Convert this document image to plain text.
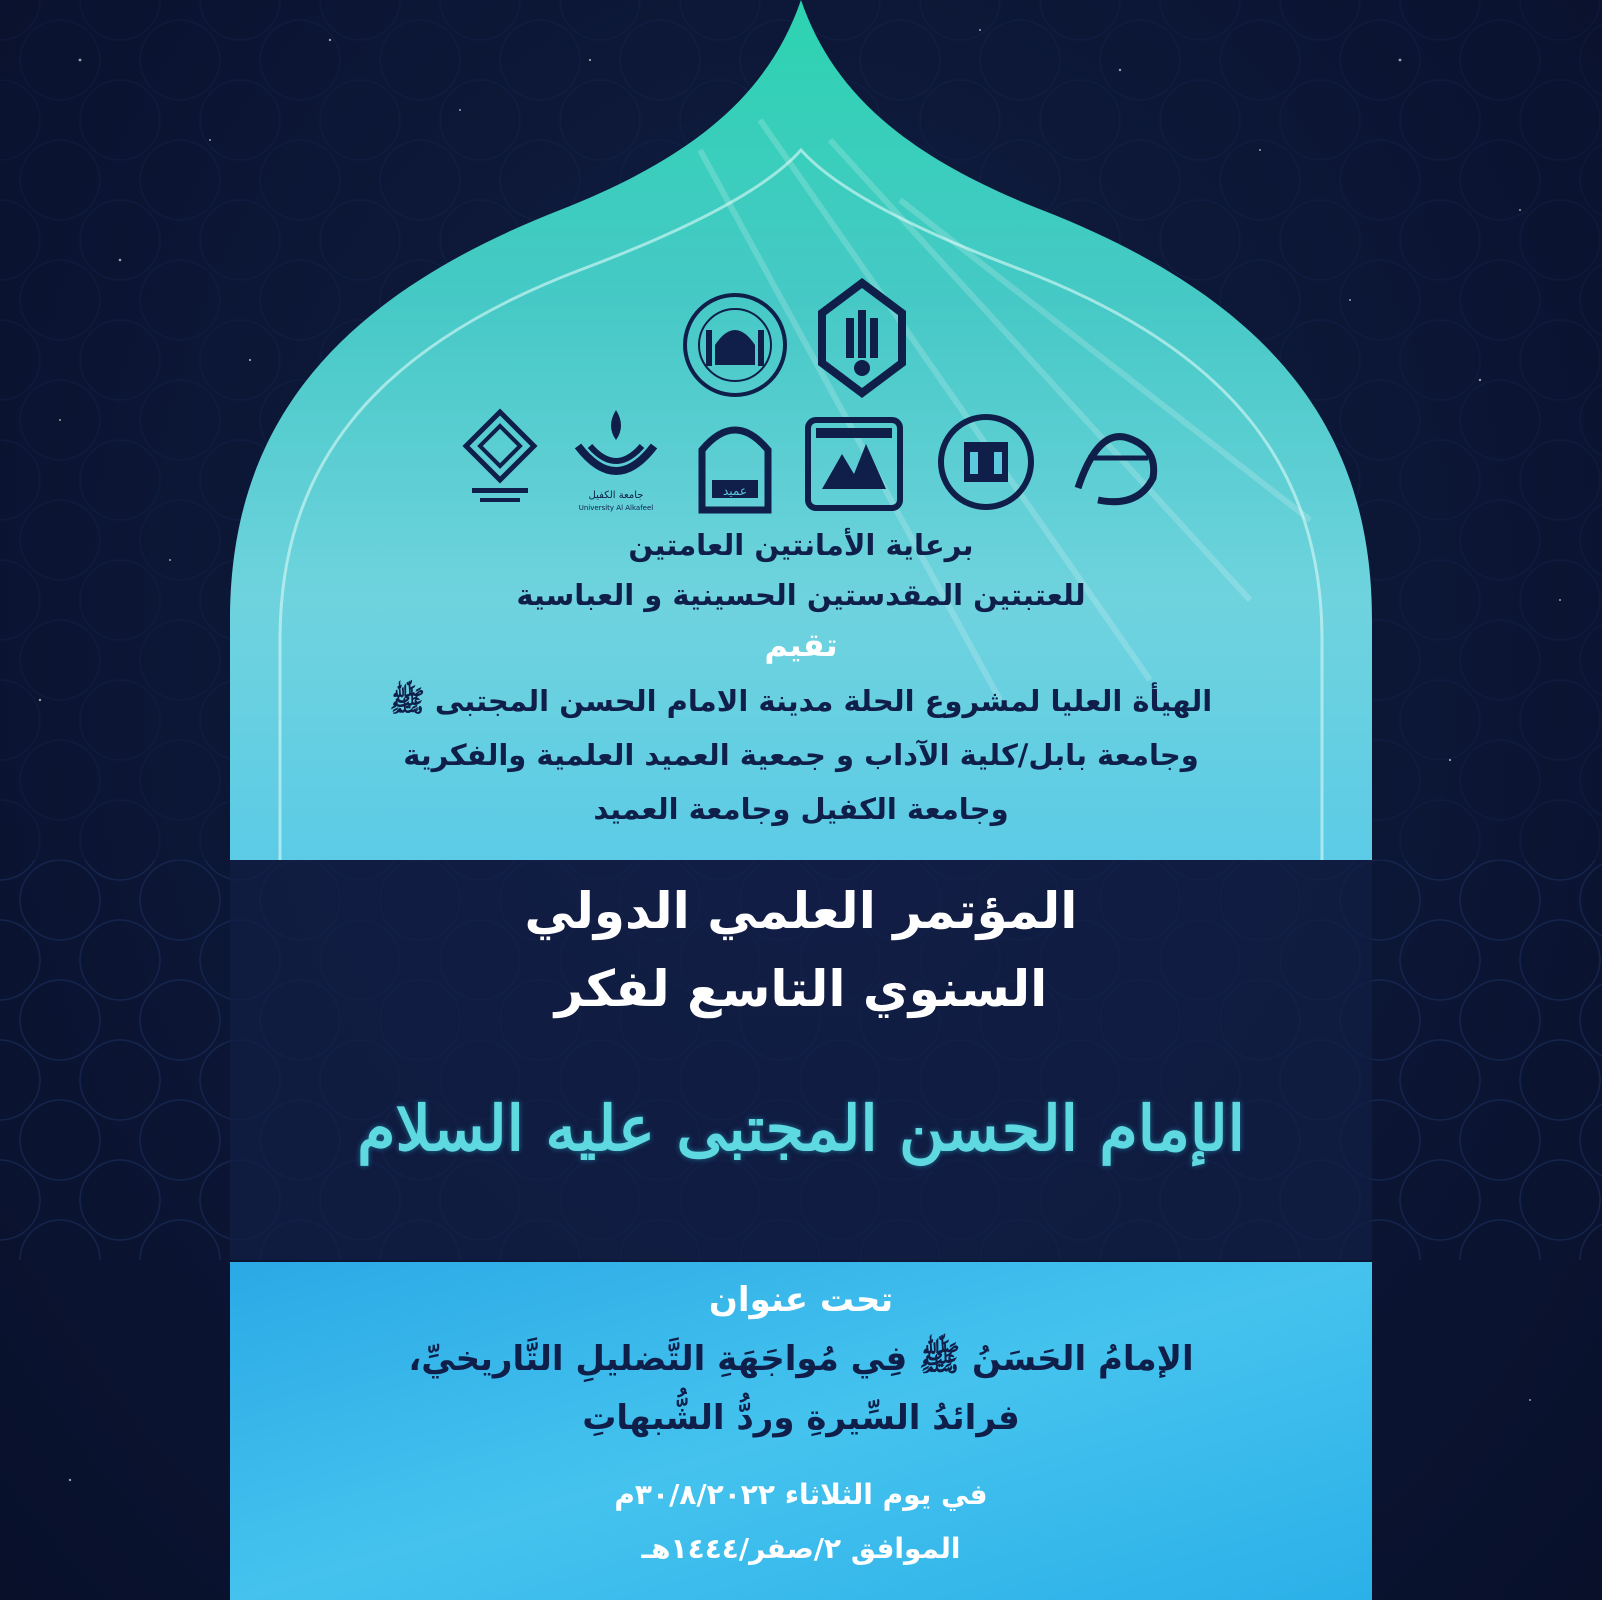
عميد
جامعة الكفيل
University Al Alkafeel

برعاية الأمانتين العامتين

للعتبتين المقدستين الحسينية و العباسية

تقيم

الهيأة العليا لمشروع الحلة مدينة الامام الحسن المجتبى ﷺ

وجامعة بابل/كلية الآداب و جمعية العميد العلمية والفكرية

وجامعة الكفيل وجامعة العميد

المؤتمر العلمي الدولي

السنوي التاسع لفكر

الإمام الحسن المجتبى عليه السلام

تحت عنوان

الإمامُ الحَسَنُ ﷺ فِي مُواجَهَةِ التَّضليلِ التَّاريخيِّ،

فرائدُ السِّيرةِ وردُّ الشُّبهاتِ

في يوم الثلاثاء ٣٠/٨/٢٠٢٢م

الموافق ٢/صفر/١٤٤٤هـ
